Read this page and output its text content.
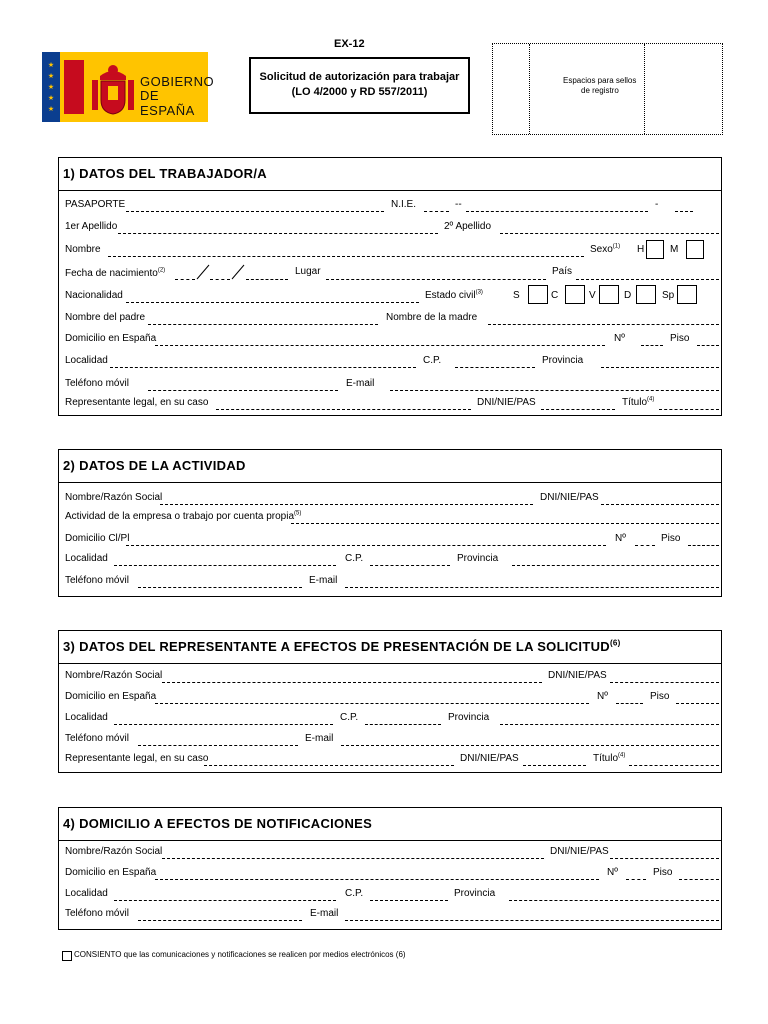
★
★
★
★
★
GOBIERNO
DE ESPAÑA
EX-12
Solicitud de autorización para trabajar
(LO 4/2000 y RD 557/2011)
Espacios para sellos
de registro
1) DATOS DEL TRABAJADOR/A
PASAPORTE	N.I.E.	--	-
1er Apellido	2º Apellido
Nombre	Sexo$^{(1)}$ H	M
Fecha de nacimiento$^{(2)}$	Lugar	País
Nacionalidad	Estado civil$^{(3)}$	S	C	V	D	Sp
Nombre del padre	Nombre de la madre
Domicilio en España	Nº	Piso
Localidad	C.P.	Provincia
Teléfono móvil	E-mail
Representante legal, en su caso	DNI/NIE/PAS	Título$^{(4)}$
2) DATOS DE LA ACTIVIDAD
Nombre/Razón Social	DNI/NIE/PAS
Actividad de la empresa o trabajo por cuenta propia$^{(5)}$
Domicilio Cl/Pl	Nº	Piso
Localidad	C.P.	Provincia
Teléfono móvil	E-mail
3) DATOS DEL REPRESENTANTE A EFECTOS DE PRESENTACIÓN DE LA SOLICITUD$^{(6)}$
Nombre/Razón Social	DNI/NIE/PAS
Domicilio en España	Nº	Piso
Localidad	C.P.	Provincia
Teléfono móvil	E-mail
Representante legal, en su caso	DNI/NIE/PAS	Título$^{(4)}$
4) DOMICILIO A EFECTOS DE NOTIFICACIONES
Nombre/Razón Social	DNI/NIE/PAS
Domicilio en España	Nº	Piso
Localidad	C.P.	Provincia
Teléfono móvil	E-mail
CONSIENTO que las comunicaciones y notificaciones se realicen por medios electrónicos (6)
